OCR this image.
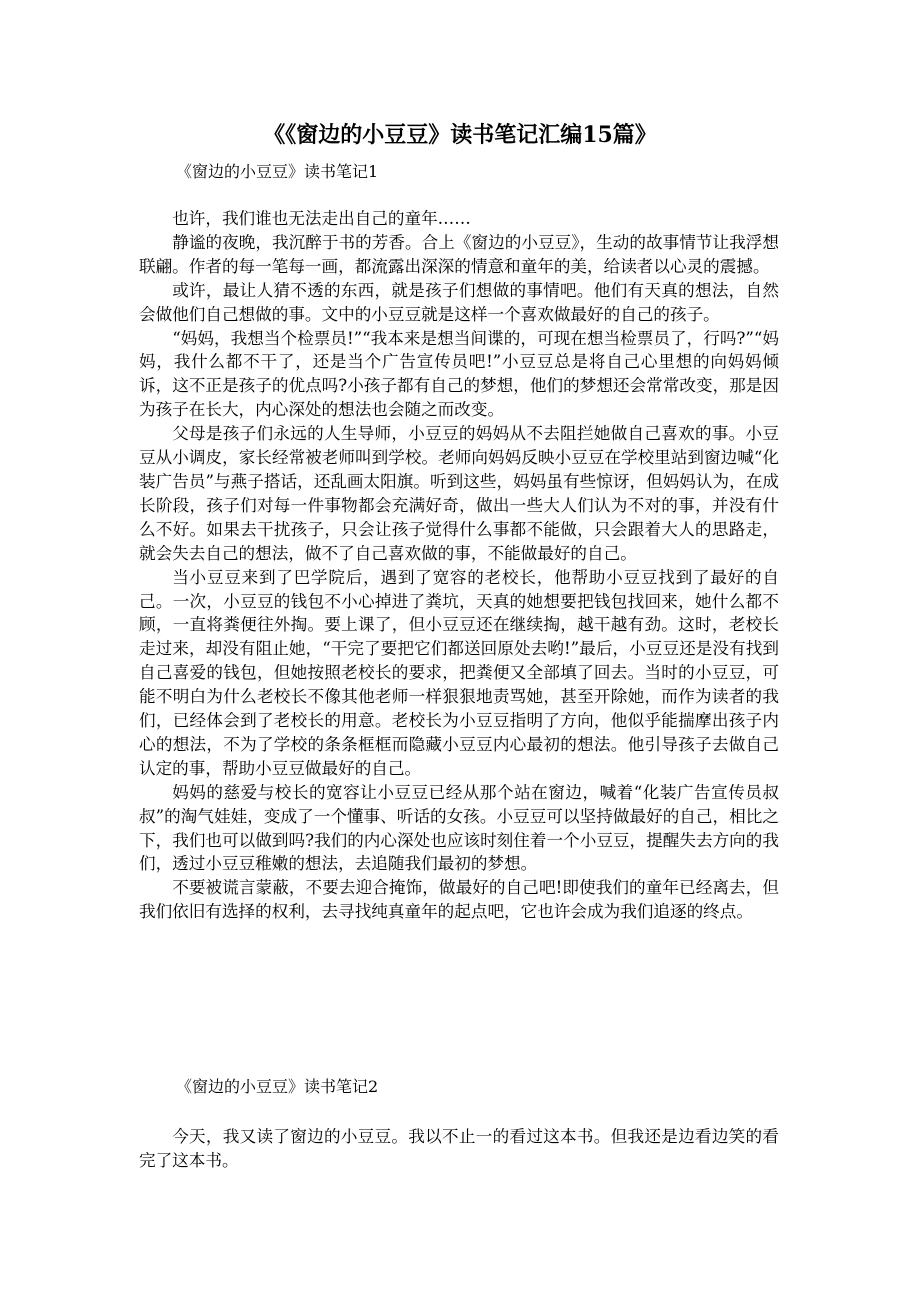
《《窗边的小豆豆》读书笔记汇编15篇》
《窗边的小豆豆》读书笔记1

也许，我们谁也无法走出自己的童年……

静谧的夜晚，我沉醉于书的芳香。合上《窗边的小豆豆》，生动的故事情节让我浮想联翩。作者的每一笔每一画，都流露出深深的情意和童年的美，给读者以心灵的震撼。

或许，最让人猜不透的东西，就是孩子们想做的事情吧。他们有天真的想法，自然会做他们自己想做的事。文中的小豆豆就是这样一个喜欢做最好的自己的孩子。

“妈妈，我想当个检票员!”“我本来是想当间谍的，可现在想当检票员了，行吗?”“妈妈，我什么都不干了，还是当个广告宣传员吧!”小豆豆总是将自己心里想的向妈妈倾诉，这不正是孩子的优点吗?小孩子都有自己的梦想，他们的梦想还会常常改变，那是因为孩子在长大，内心深处的想法也会随之而改变。

父母是孩子们永远的人生导师，小豆豆的妈妈从不去阻拦她做自己喜欢的事。小豆豆从小调皮，家长经常被老师叫到学校。老师向妈妈反映小豆豆在学校里站到窗边喊“化装广告员”与燕子搭话，还乱画太阳旗。听到这些，妈妈虽有些惊讶，但妈妈认为，在成长阶段，孩子们对每一件事物都会充满好奇，做出一些大人们认为不对的事，并没有什么不好。如果去干扰孩子，只会让孩子觉得什么事都不能做，只会跟着大人的思路走，就会失去自己的想法，做不了自己喜欢做的事，不能做最好的自己。

当小豆豆来到了巴学院后，遇到了宽容的老校长，他帮助小豆豆找到了最好的自己。一次，小豆豆的钱包不小心掉进了粪坑，天真的她想要把钱包找回来，她什么都不顾，一直将粪便往外掏。要上课了，但小豆豆还在继续掏，越干越有劲。这时，老校长走过来，却没有阻止她，“干完了要把它们都送回原处去哟!”最后，小豆豆还是没有找到自己喜爱的钱包，但她按照老校长的要求，把粪便又全部填了回去。当时的小豆豆，可能不明白为什么老校长不像其他老师一样狠狠地责骂她，甚至开除她，而作为读者的我们，已经体会到了老校长的用意。老校长为小豆豆指明了方向，他似乎能揣摩出孩子内心的想法，不为了学校的条条框框而隐藏小豆豆内心最初的想法。他引导孩子去做自己认定的事，帮助小豆豆做最好的自己。

妈妈的慈爱与校长的宽容让小豆豆已经从那个站在窗边，喊着“化装广告宣传员叔叔”的淘气娃娃，变成了一个懂事、听话的女孩。小豆豆可以坚持做最好的自己，相比之下，我们也可以做到吗?我们的内心深处也应该时刻住着一个小豆豆，提醒失去方向的我们，透过小豆豆稚嫩的想法，去追随我们最初的梦想。

不要被谎言蒙蔽，不要去迎合掩饰，做最好的自己吧!即使我们的童年已经离去，但我们依旧有选择的权利，去寻找纯真童年的起点吧，它也许会成为我们追逐的终点。

《窗边的小豆豆》读书笔记2

今天，我又读了窗边的小豆豆。我以不止一的看过这本书。但我还是边看边笑的看完了这本书。
